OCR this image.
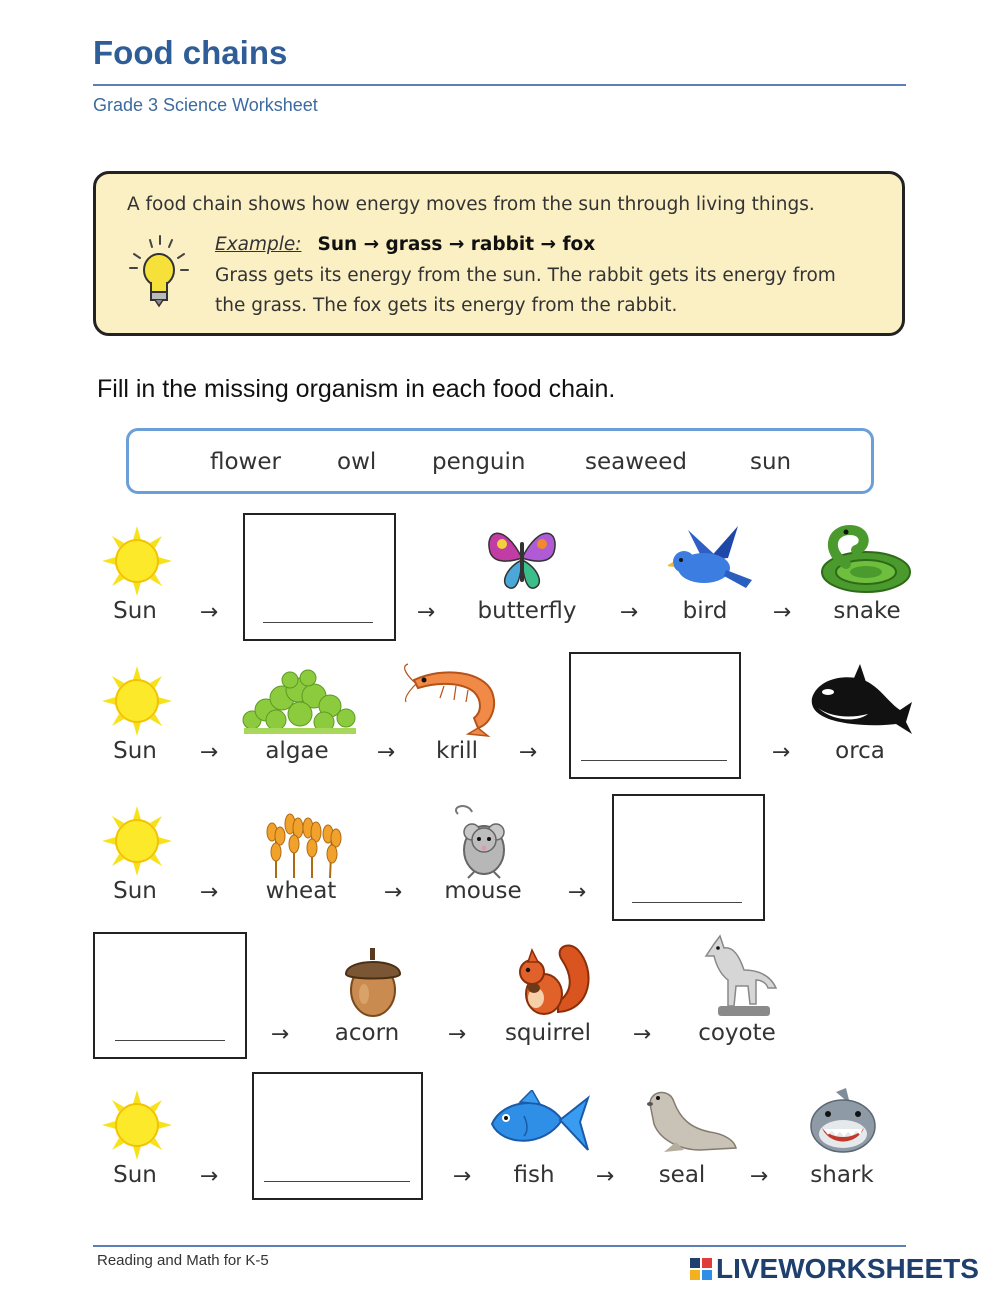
Food chains
Grade 3 Science Worksheet
A food chain shows how energy moves from the sun through living things.
Example: Sun → grass → rabbit → fox
Grass gets its energy from the sun. The rabbit gets its energy from
the grass. The fox gets its energy from the rabbit.
Fill in the missing organism in each food chain.
flower owl penguin	seaweed	sun
Sun →	→ butterfly → bird → snake
Sun → algae → krill →	→ orca
Sun → wheat → mouse →
→ acorn → squirrel → coyote
Sun →	→ fish → seal → shark
Reading and Math for K-5	LIVEWORKSHEETS
